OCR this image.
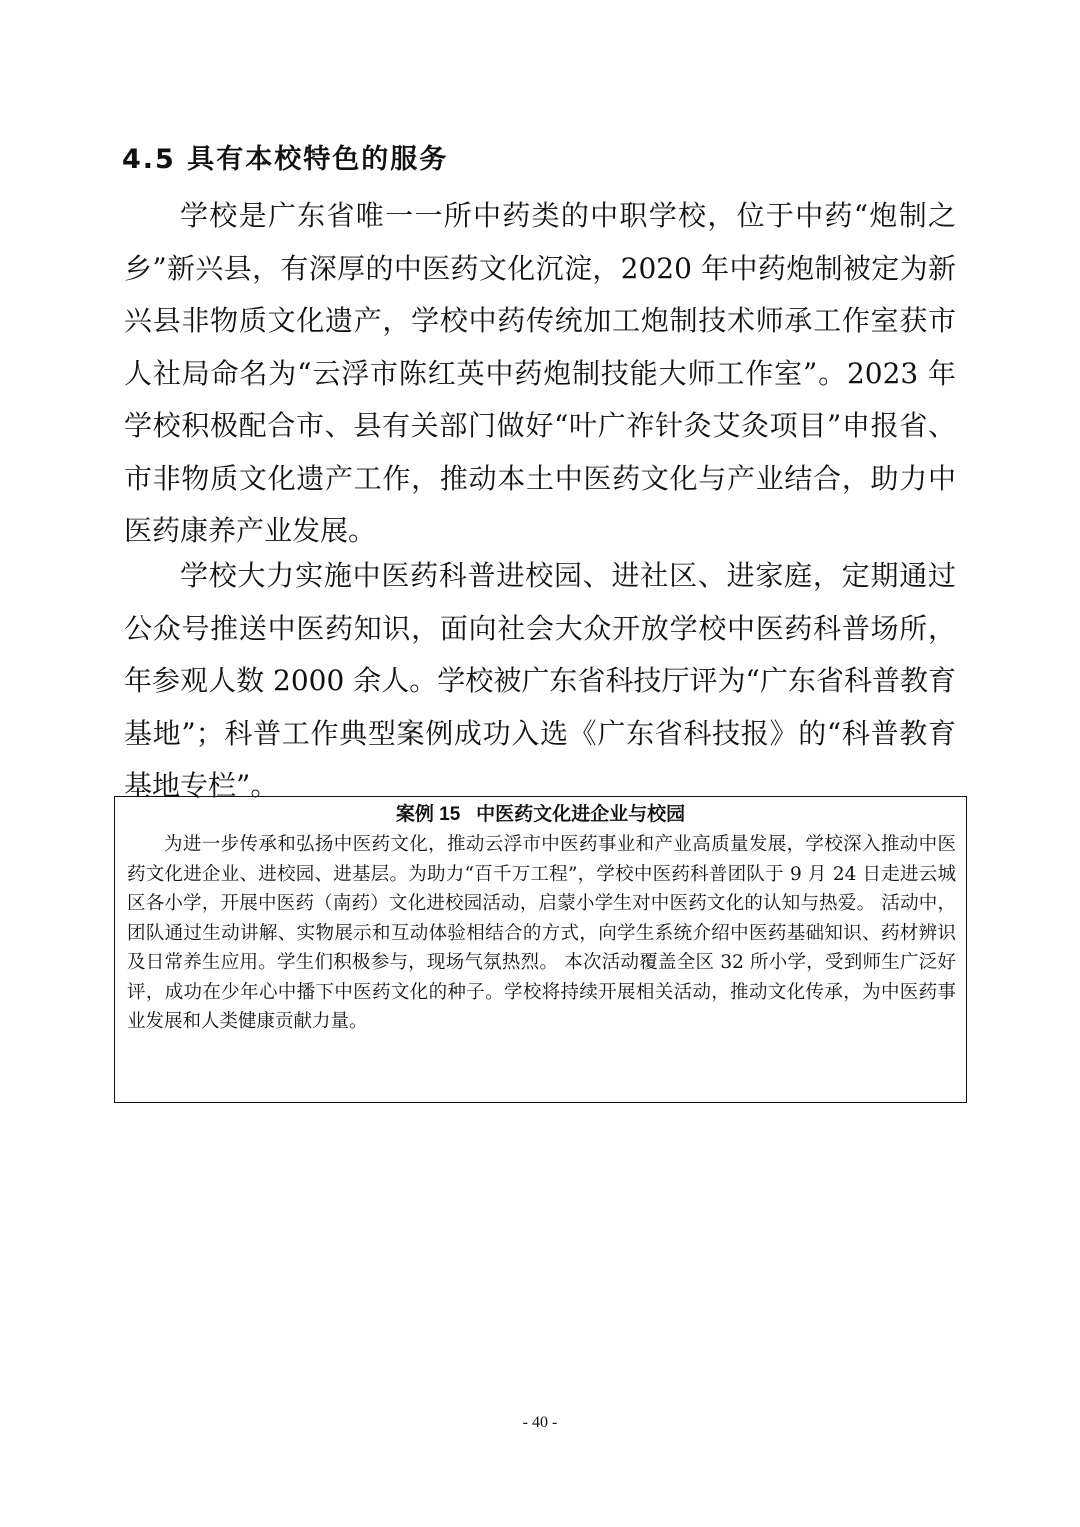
4.5 具有本校特色的服务

学校是广东省唯一一所中药类的中职学校，位于中药“炮制之乡”新兴县，有深厚的中医药文化沉淀，2020 年中药炮制被定为新兴县非物质文化遗产，学校中药传统加工炮制技术师承工作室获市人社局命名为“云浮市陈红英中药炮制技能大师工作室”。2023 年学校积极配合市、县有关部门做好“叶广祚针灸艾灸项目”申报省、市非物质文化遗产工作，推动本土中医药文化与产业结合，助力中医药康养产业发展。

学校大力实施中医药科普进校园、进社区、进家庭，定期通过公众号推送中医药知识，面向社会大众开放学校中医药科普场所，年参观人数 2000 余人。学校被广东省科技厅评为“广东省科普教育基地”；科普工作典型案例成功入选《广东省科技报》的“科普教育基地专栏”。

案例 15   中医药文化进企业与校园

为进一步传承和弘扬中医药文化，推动云浮市中医药事业和产业高质量发展，学校深入推动中医药文化进企业、进校园、进基层。为助力“百千万工程”，学校中医药科普团队于 9 月 24 日走进云城区各小学，开展中医药（南药）文化进校园活动，启蒙小学生对中医药文化的认知与热爱。 活动中，团队通过生动讲解、实物展示和互动体验相结合的方式，向学生系统介绍中医药基础知识、药材辨识及日常养生应用。学生们积极参与，现场气氛热烈。 本次活动覆盖全区 32 所小学，受到师生广泛好评，成功在少年心中播下中医药文化的种子。学校将持续开展相关活动，推动文化传承，为中医药事业发展和人类健康贡献力量。

- 40 -
